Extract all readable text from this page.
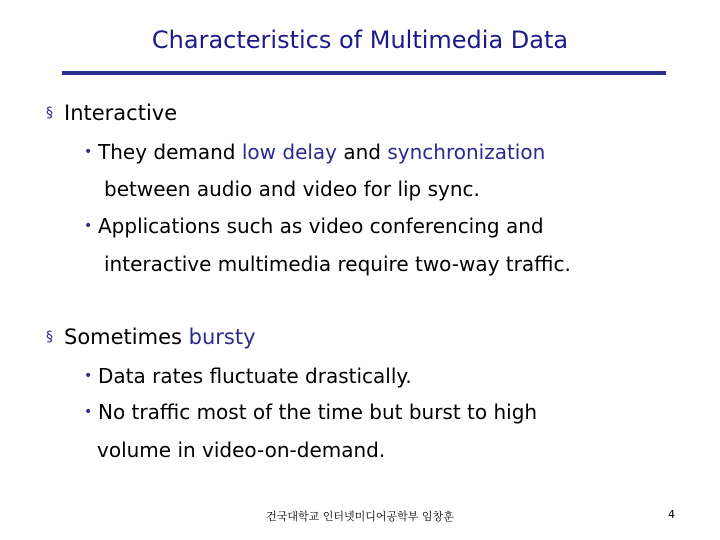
Characteristics of Multimedia Data
§ Interactive
• They demand low delay and synchronization
between audio and video for lip sync.
• Applications such as video conferencing and
interactive multimedia require two-way traffic.
§ Sometimes bursty
• Data rates fluctuate drastically.
• No traffic most of the time but burst to high
volume in video-on-demand.
건국대학교 인터넷미디어공학부 임창훈	4
